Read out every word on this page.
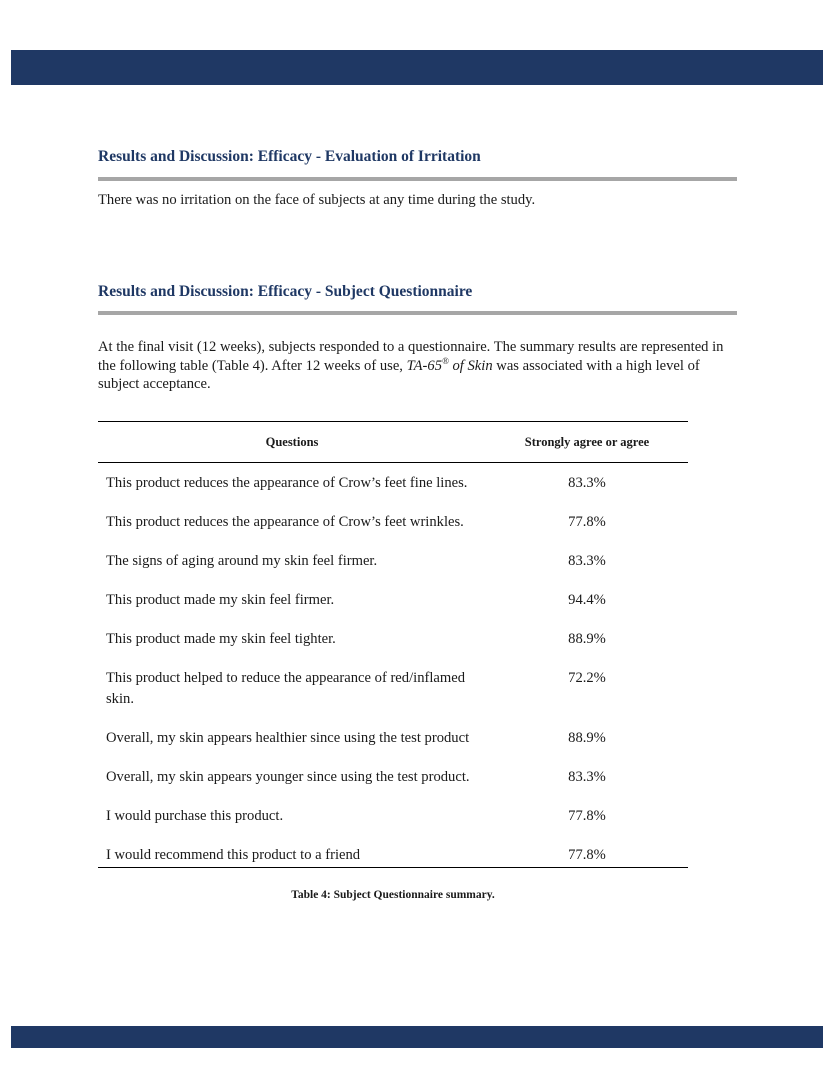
Results and Discussion: Efficacy - Evaluation of Irritation

There was no irritation on the face of subjects at any time during the study.

Results and Discussion: Efficacy - Subject Questionnaire

At the final visit (12 weeks), subjects responded to a questionnaire. The summary results are represented in the following table (Table 4). After 12 weeks of use, TA-65® of Skin was associated with a high level of subject acceptance.

Questions	Strongly agree or agree
This product reduces the appearance of Crow’s feet fine lines.	83.3%
This product reduces the appearance of Crow’s feet wrinkles.	77.8%
The signs of aging around my skin feel firmer.	83.3%
This product made my skin feel firmer.	94.4%
This product made my skin feel tighter.	88.9%
This product helped to reduce the appearance of red/inflamed skin.	72.2%
Overall, my skin appears healthier since using the test product	88.9%
Overall, my skin appears younger since using the test product.	83.3%
I would purchase this product.	77.8%
I would recommend this product to a friend	77.8%

Table 4: Subject Questionnaire summary.
